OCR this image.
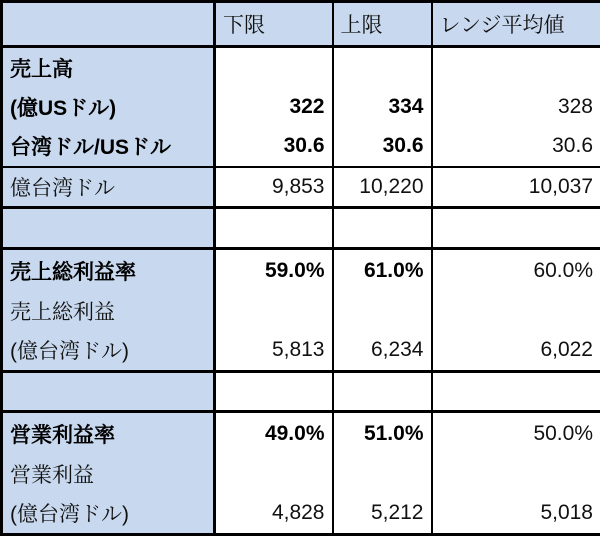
	下限	上限	レンジ平均値
売上高			
(億USドル)	322	334	328
台湾ドル/USドル	30.6	30.6	30.6
億台湾ドル	9,853	10,220	10,037

売上総利益率	59.0%	61.0%	60.0%
売上総利益			
(億台湾ドル)	5,813	6,234	6,022

営業利益率	49.0%	51.0%	50.0%
営業利益			
(億台湾ドル)	4,828	5,212	5,018
